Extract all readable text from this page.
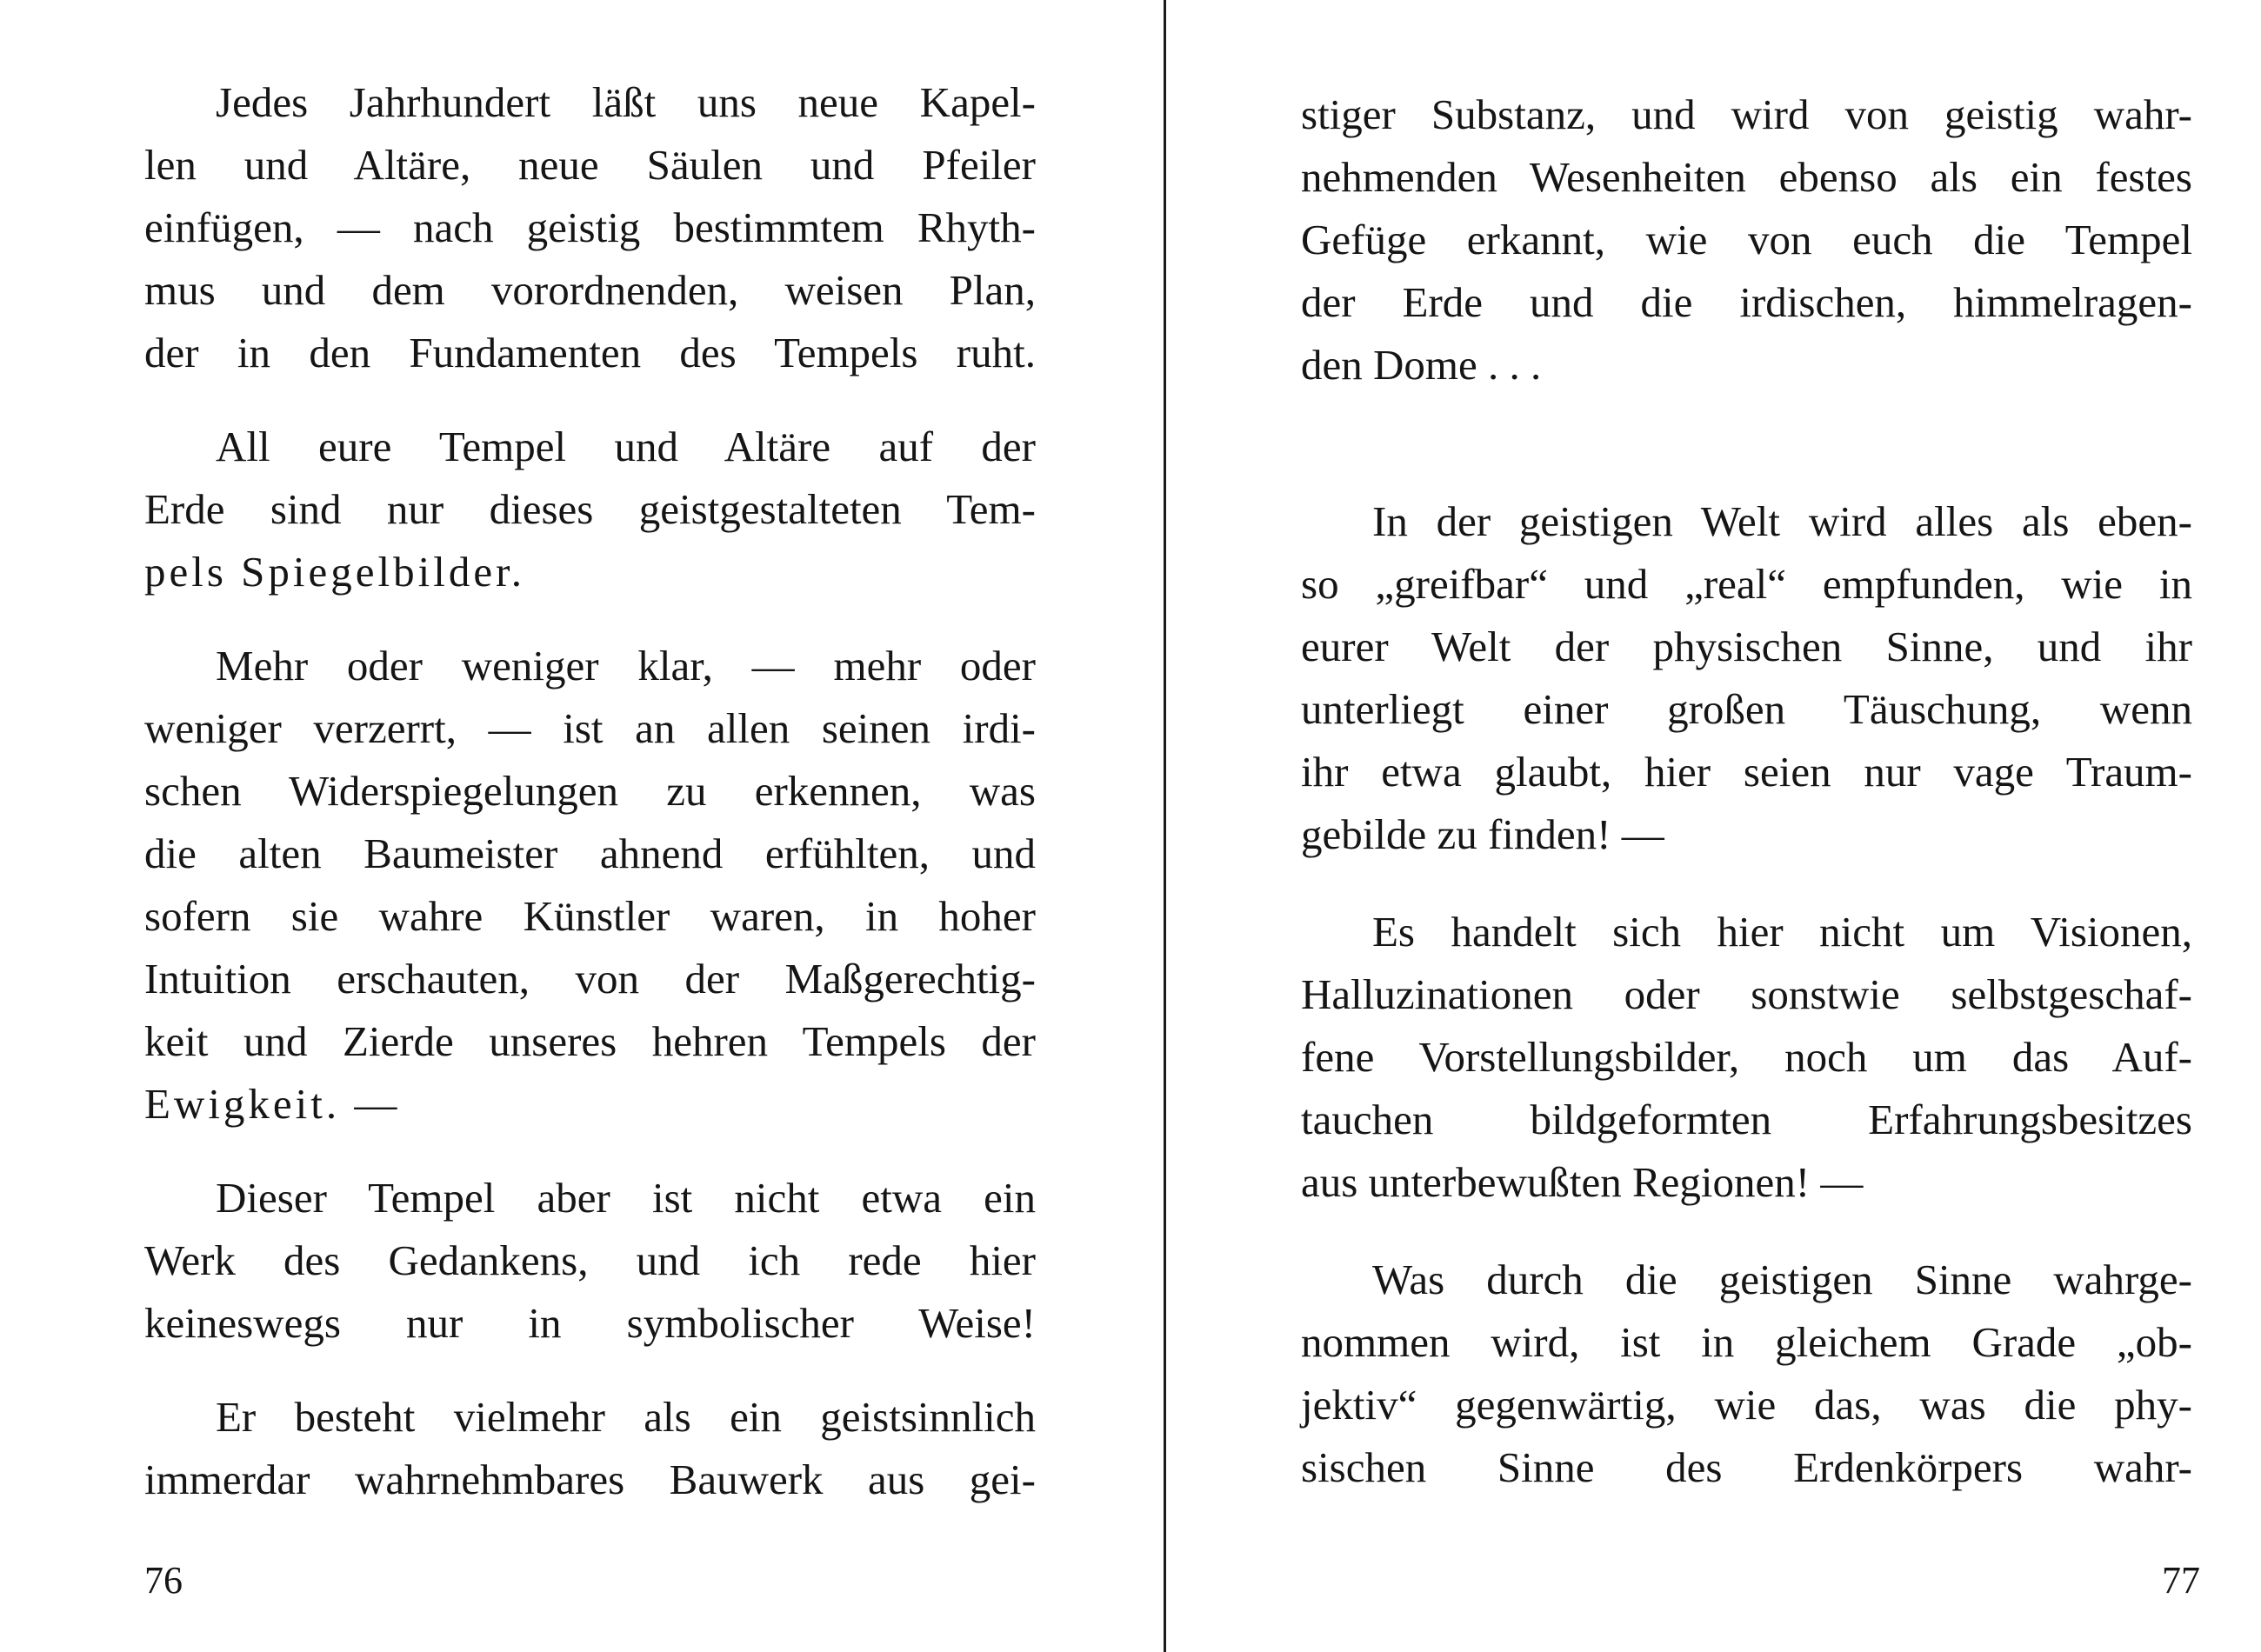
Jedes Jahrhundert läßt uns neue Kapel-
len und Altäre, neue Säulen und Pfeiler
einfügen, — nach geistig bestimmtem Rhyth-
mus und dem vorordnenden, weisen Plan,
der in den Fundamenten des Tempels ruht.
All eure Tempel und Altäre auf der
Erde sind nur dieses geistgestalteten Tem-
pels Spiegelbilder.
Mehr oder weniger klar, — mehr oder
weniger verzerrt, — ist an allen seinen irdi-
schen Widerspiegelungen zu erkennen, was
die alten Baumeister ahnend erfühlten, und
sofern sie wahre Künstler waren, in hoher
Intuition erschauten, von der Maßgerechtig-
keit und Zierde unseres hehren Tempels der
Ewigkeit. —
Dieser Tempel aber ist nicht etwa ein
Werk des Gedankens, und ich rede hier
keineswegs nur in symbolischer Weise!
Er besteht vielmehr als ein geistsinnlich
immerdar wahrnehmbares Bauwerk aus gei-
76
stiger Substanz, und wird von geistig wahr-
nehmenden Wesenheiten ebenso als ein festes
Gefüge erkannt, wie von euch die Tempel
der Erde und die irdischen, himmelragen-
den Dome . . .
In der geistigen Welt wird alles als eben-
so „greifbar“ und „real“ empfunden, wie in
eurer Welt der physischen Sinne, und ihr
unterliegt einer großen Täuschung, wenn
ihr etwa glaubt, hier seien nur vage Traum-
gebilde zu finden! —
Es handelt sich hier nicht um Visionen,
Halluzinationen oder sonstwie selbstgeschaf-
fene Vorstellungsbilder, noch um das Auf-
tauchen bildgeformten Erfahrungsbesitzes
aus unterbewußten Regionen! —
Was durch die geistigen Sinne wahrge-
nommen wird, ist in gleichem Grade „ob-
jektiv“ gegenwärtig, wie das, was die phy-
sischen Sinne des Erdenkörpers wahr-
77
